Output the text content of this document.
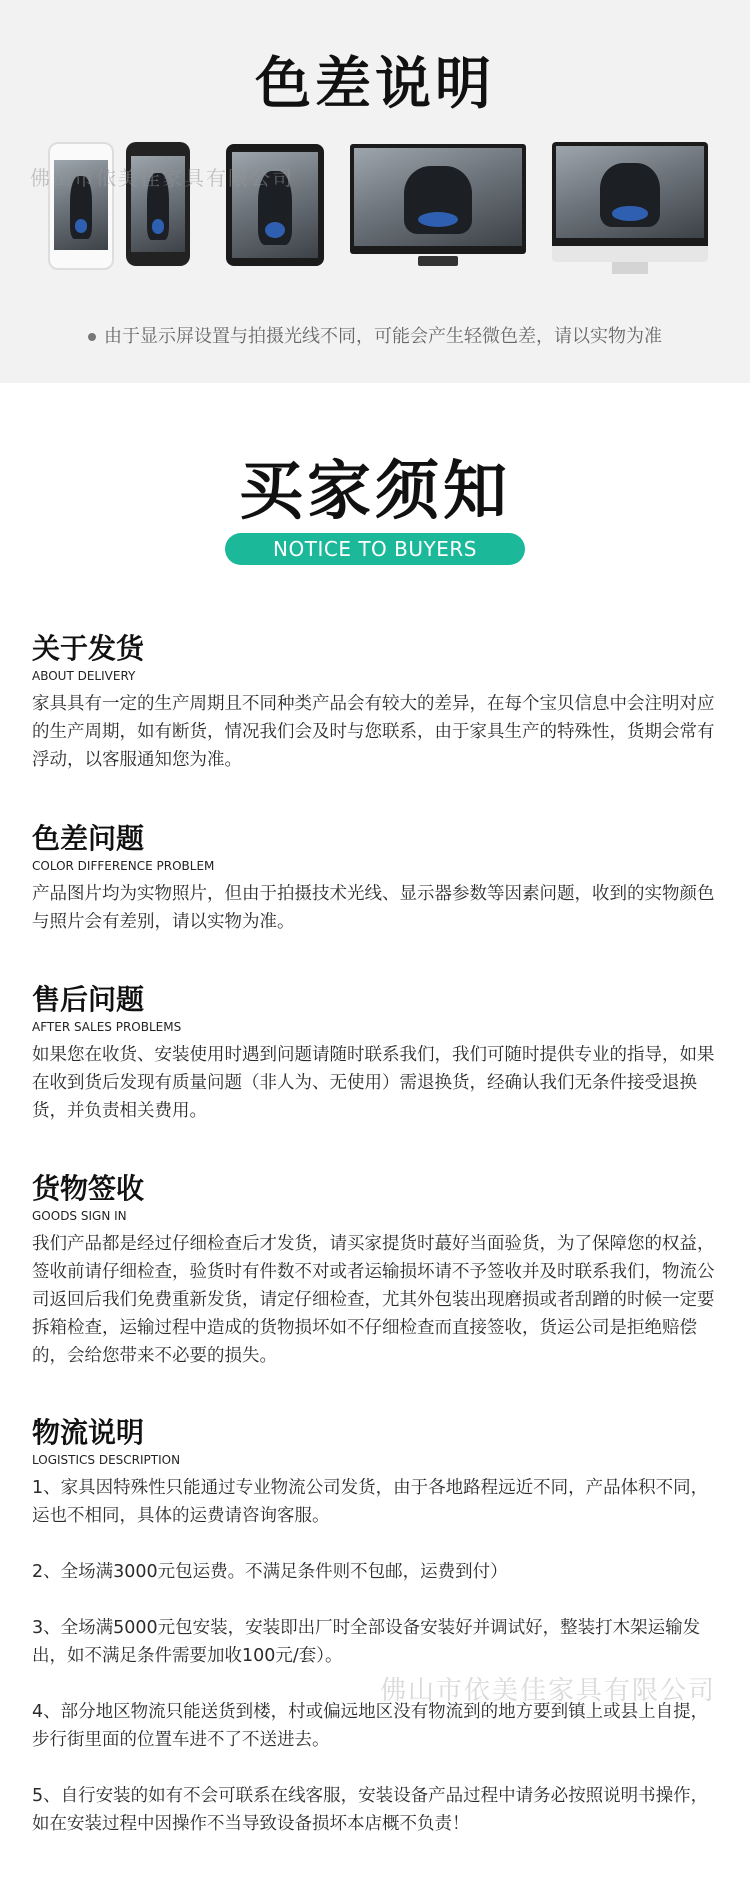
色差说明
佛山市依美佳家具有限公司
由于显示屏设置与拍摄光线不同，可能会产生轻微色差，请以实物为准
买家须知
NOTICE TO BUYERS
关于发货
ABOUT DELIVERY
家具具有一定的生产周期且不同种类产品会有较大的差异，在每个宝贝信息中会注明对应的生产周期，如有断货，情况我们会及时与您联系，由于家具生产的特殊性，货期会常有浮动，以客服通知您为准。
色差问题
COLOR DIFFERENCE PROBLEM
产品图片均为实物照片，但由于拍摄技术光线、显示器参数等因素问题，收到的实物颜色与照片会有差别，请以实物为准。
售后问题
AFTER SALES PROBLEMS
如果您在收货、安装使用时遇到问题请随时联系我们，我们可随时提供专业的指导，如果在收到货后发现有质量问题（非人为、无使用）需退换货，经确认我们无条件接受退换货，并负责相关费用。
货物签收
GOODS SIGN IN
我们产品都是经过仔细检查后才发货，请买家提货时蕞好当面验货，为了保障您的权益，签收前请仔细检查，验货时有件数不对或者运输损坏请不予签收并及时联系我们，物流公司返回后我们免费重新发货，请定仔细检查，尤其外包装出现磨损或者刮蹭的时候一定要拆箱检查，运输过程中造成的货物损坏如不仔细检查而直接签收，货运公司是拒绝赔偿的，会给您带来不必要的损失。
物流说明
LOGISTICS DESCRIPTION
1、家具因特殊性只能通过专业物流公司发货，由于各地路程远近不同，产品体积不同，运也不相同，具体的运费请咨询客服。
2、全场满3000元包运费。不满足条件则不包邮，运费到付）
3、全场满5000元包安装，安装即出厂时全部设备安装好并调试好，整装打木架运输发出，如不满足条件需要加收100元/套）。
4、部分地区物流只能送货到楼，村或偏远地区没有物流到的地方要到镇上或县上自提，步行街里面的位置车进不了不送进去。
5、自行安装的如有不会可联系在线客服，安装设备产品过程中请务必按照说明书操作，如在安装过程中因操作不当导致设备损坏本店概不负责！
佛山市依美佳家具有限公司
